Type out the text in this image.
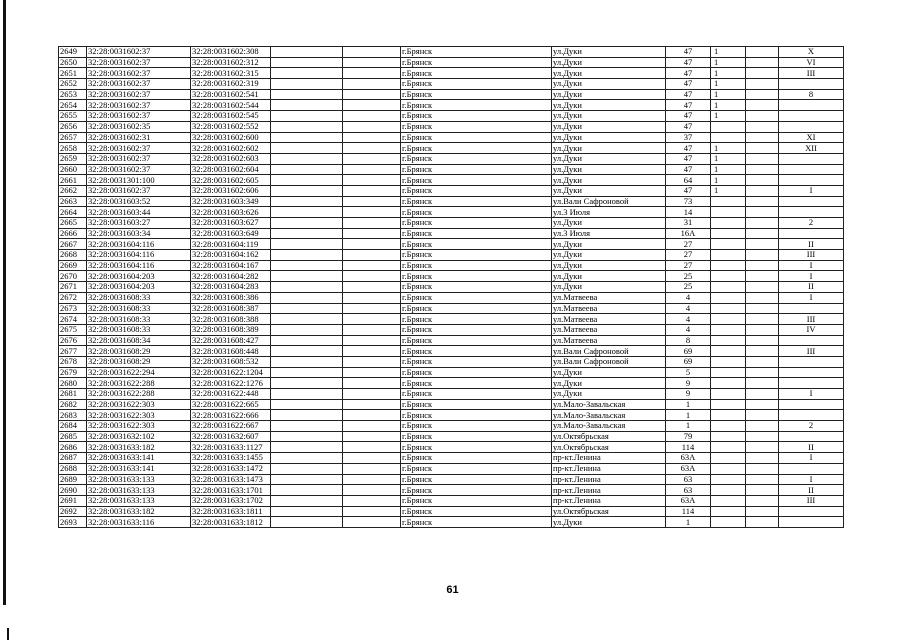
2649	32:28:0031602:37	32:28:0031602:308			г.Брянск	ул.Дуки	47	1		X
2650	32:28:0031602:37	32:28:0031602:312			г.Брянск	ул.Дуки	47	1		VI
2651	32:28:0031602:37	32:28:0031602:315			г.Брянск	ул.Дуки	47	1		III
2652	32:28:0031602:37	32:28:0031602:319			г.Брянск	ул.Дуки	47	1		
2653	32:28:0031602:37	32:28:0031602:541			г.Брянск	ул.Дуки	47	1		8
2654	32:28:0031602:37	32:28:0031602:544			г.Брянск	ул.Дуки	47	1		
2655	32:28:0031602:37	32:28:0031602:545			г.Брянск	ул.Дуки	47	1		
2656	32:28:0031602:35	32:28:0031602:552			г.Брянск	ул.Дуки	47			
2657	32:28:0031602:31	32:28:0031602:600			г.Брянск	ул.Дуки	37			XI
2658	32:28:0031602:37	32:28:0031602:602			г.Брянск	ул.Дуки	47	1		XII
2659	32:28:0031602:37	32:28:0031602:603			г.Брянск	ул.Дуки	47	1		
2660	32:28:0031602:37	32:28:0031602:604			г.Брянск	ул.Дуки	47	1		
2661	32:28:0031301:100	32:28:0031602:605			г.Брянск	ул.Дуки	64	1		
2662	32:28:0031602:37	32:28:0031602:606			г.Брянск	ул.Дуки	47	1		I
2663	32:28:0031603:52	32:28:0031603:349			г.Брянск	ул.Вали Сафроновой	73			
2664	32:28:0031603:44	32:28:0031603:626			г.Брянск	ул.3 Июля	14			
2665	32:28:0031603:27	32:28:0031603:627			г.Брянск	ул.Дуки	31			2
2666	32:28:0031603:34	32:28:0031603:649			г.Брянск	ул.3 Июля	16А			
2667	32:28:0031604:116	32:28:0031604:119			г.Брянск	ул.Дуки	27			II
2668	32:28:0031604:116	32:28:0031604:162			г.Брянск	ул.Дуки	27			III
2669	32:28:0031604:116	32:28:0031604:167			г.Брянск	ул.Дуки	27			I
2670	32:28:0031604:203	32:28:0031604:282			г.Брянск	ул.Дуки	25			I
2671	32:28:0031604:203	32:28:0031604:283			г.Брянск	ул.Дуки	25			II
2672	32:28:0031608:33	32:28:0031608:386			г.Брянск	ул.Матвеева	4			I
2673	32:28:0031608:33	32:28:0031608:387			г.Брянск	ул.Матвеева	4			
2674	32:28:0031608:33	32:28:0031608:388			г.Брянск	ул.Матвеева	4			III
2675	32:28:0031608:33	32:28:0031608:389			г.Брянск	ул.Матвеева	4			IV
2676	32:28:0031608:34	32:28:0031608:427			г.Брянск	ул.Матвеева	8			
2677	32:28:0031608:29	32:28:0031608:448			г.Брянск	ул.Вали Сафроновой	69			III
2678	32:28:0031608:29	32:28:0031608:532			г.Брянск	ул.Вали Сафроновой	69			
2679	32:28:0031622:294	32:28:0031622:1204			г.Брянск	ул.Дуки	5			
2680	32:28:0031622:288	32:28:0031622:1276			г.Брянск	ул.Дуки	9			
2681	32:28:0031622:288	32:28:0031622:448			г.Брянск	ул.Дуки	9			I
2682	32:28:0031622:303	32:28:0031622:665			г.Брянск	ул.Мало-Завальская	1			
2683	32:28:0031622:303	32:28:0031622:666			г.Брянск	ул.Мало-Завальская	1			
2684	32:28:0031622:303	32:28:0031622:667			г.Брянск	ул.Мало-Завальская	1			2
2685	32:28:0031632:102	32:28:0031632:607			г.Брянск	ул.Октябрьская	79			
2686	32:28:0031633:182	32:28:0031633:1127			г.Брянск	ул.Октябрьская	114			II
2687	32:28:0031633:141	32:28:0031633:1455			г.Брянск	пр-кт.Ленина	63А			I
2688	32:28:0031633:141	32:28:0031633:1472			г.Брянск	пр-кт.Ленина	63А			
2689	32:28:0031633:133	32:28:0031633:1473			г.Брянск	пр-кт.Ленина	63			I
2690	32:28:0031633:133	32:28:0031633:1701			г.Брянск	пр-кт.Ленина	63			II
2691	32:28:0031633:133	32:28:0031633:1702			г.Брянск	пр-кт.Ленина	63А			III
2692	32:28:0031633:182	32:28:0031633:1811			г.Брянск	ул.Октябрьская	114			
2693	32:28:0031633:116	32:28:0031633:1812			г.Брянск	ул.Дуки	1			
61
